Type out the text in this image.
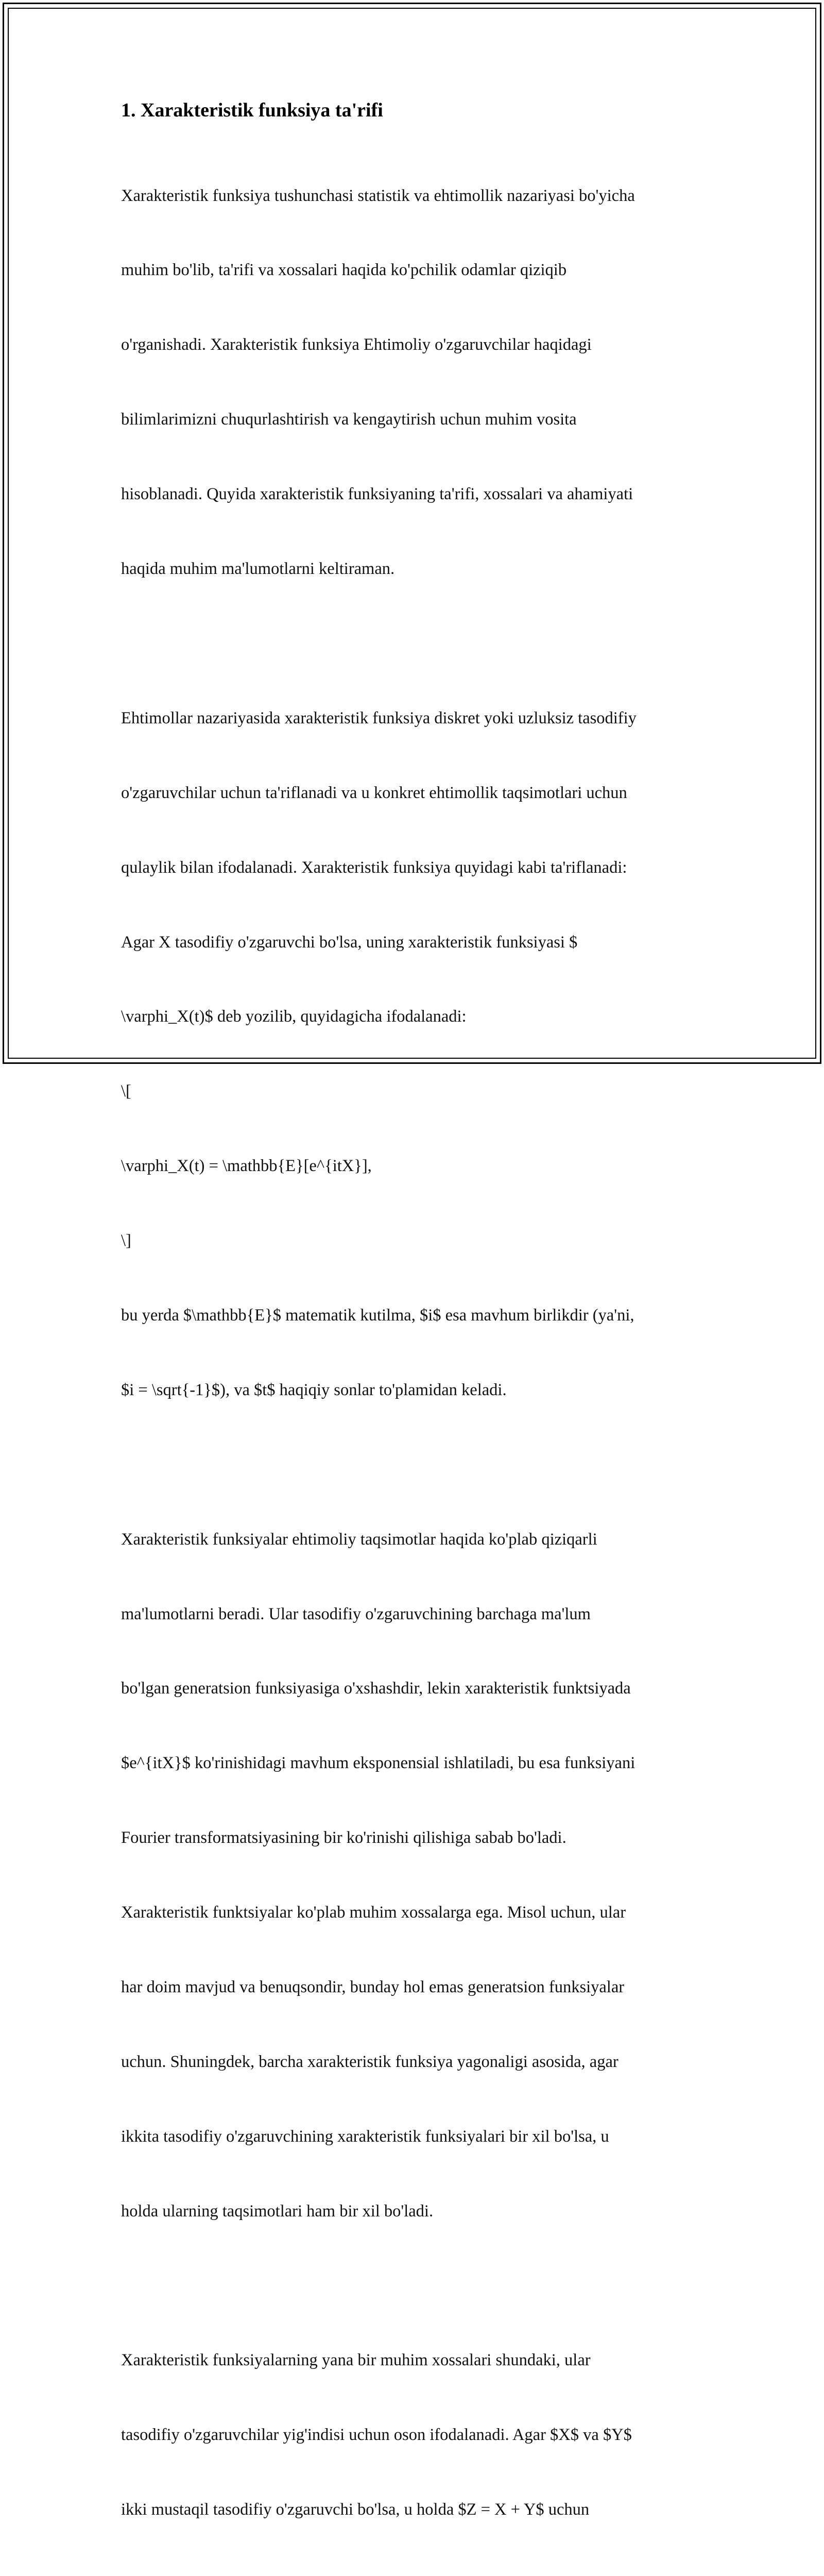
1. Xarakteristik funksiya ta'rifi

Xarakteristik funksiya tushunchasi statistik va ehtimollik nazariyasi bo'yicha

muhim bo'lib, ta'rifi va xossalari haqida ko'pchilik odamlar qiziqib

o'rganishadi. Xarakteristik funksiya Ehtimoliy o'zgaruvchilar haqidagi

bilimlarimizni chuqurlashtirish va kengaytirish uchun muhim vosita

hisoblanadi. Quyida xarakteristik funksiyaning ta'rifi, xossalari va ahamiyati

haqida muhim ma'lumotlarni keltiraman.

Ehtimollar nazariyasida xarakteristik funksiya diskret yoki uzluksiz tasodifiy

o'zgaruvchilar uchun ta'riflanadi va u konkret ehtimollik taqsimotlari uchun

qulaylik bilan ifodalanadi. Xarakteristik funksiya quyidagi kabi ta'riflanadi:

Agar X tasodifiy o'zgaruvchi bo'lsa, uning xarakteristik funksiyasi $

\varphi_X(t)$ deb yozilib, quyidagicha ifodalanadi:

\[

\varphi_X(t) = \mathbb{E}[e^{itX}],

\]

bu yerda $\mathbb{E}$ matematik kutilma, $i$ esa mavhum birlikdir (ya'ni,

$i = \sqrt{-1}$), va $t$ haqiqiy sonlar to'plamidan keladi.

Xarakteristik funksiyalar ehtimoliy taqsimotlar haqida ko'plab qiziqarli

ma'lumotlarni beradi. Ular tasodifiy o'zgaruvchining barchaga ma'lum

bo'lgan generatsion funksiyasiga o'xshashdir, lekin xarakteristik funktsiyada

$e^{itX}$ ko'rinishidagi mavhum eksponensial ishlatiladi, bu esa funksiyani

Fourier transformatsiyasining bir ko'rinishi qilishiga sabab bo'ladi.

Xarakteristik funktsiyalar ko'plab muhim xossalarga ega. Misol uchun, ular

har doim mavjud va benuqsondir, bunday hol emas generatsion funksiyalar

uchun. Shuningdek, barcha xarakteristik funksiya yagonaligi asosida, agar

ikkita tasodifiy o'zgaruvchining xarakteristik funksiyalari bir xil bo'lsa, u

holda ularning taqsimotlari ham bir xil bo'ladi.

Xarakteristik funksiyalarning yana bir muhim xossalari shundaki, ular

tasodifiy o'zgaruvchilar yig'indisi uchun oson ifodalanadi. Agar $X$ va $Y$

ikki mustaqil tasodifiy o'zgaruvchi bo'lsa, u holda $Z = X + Y$ uchun
